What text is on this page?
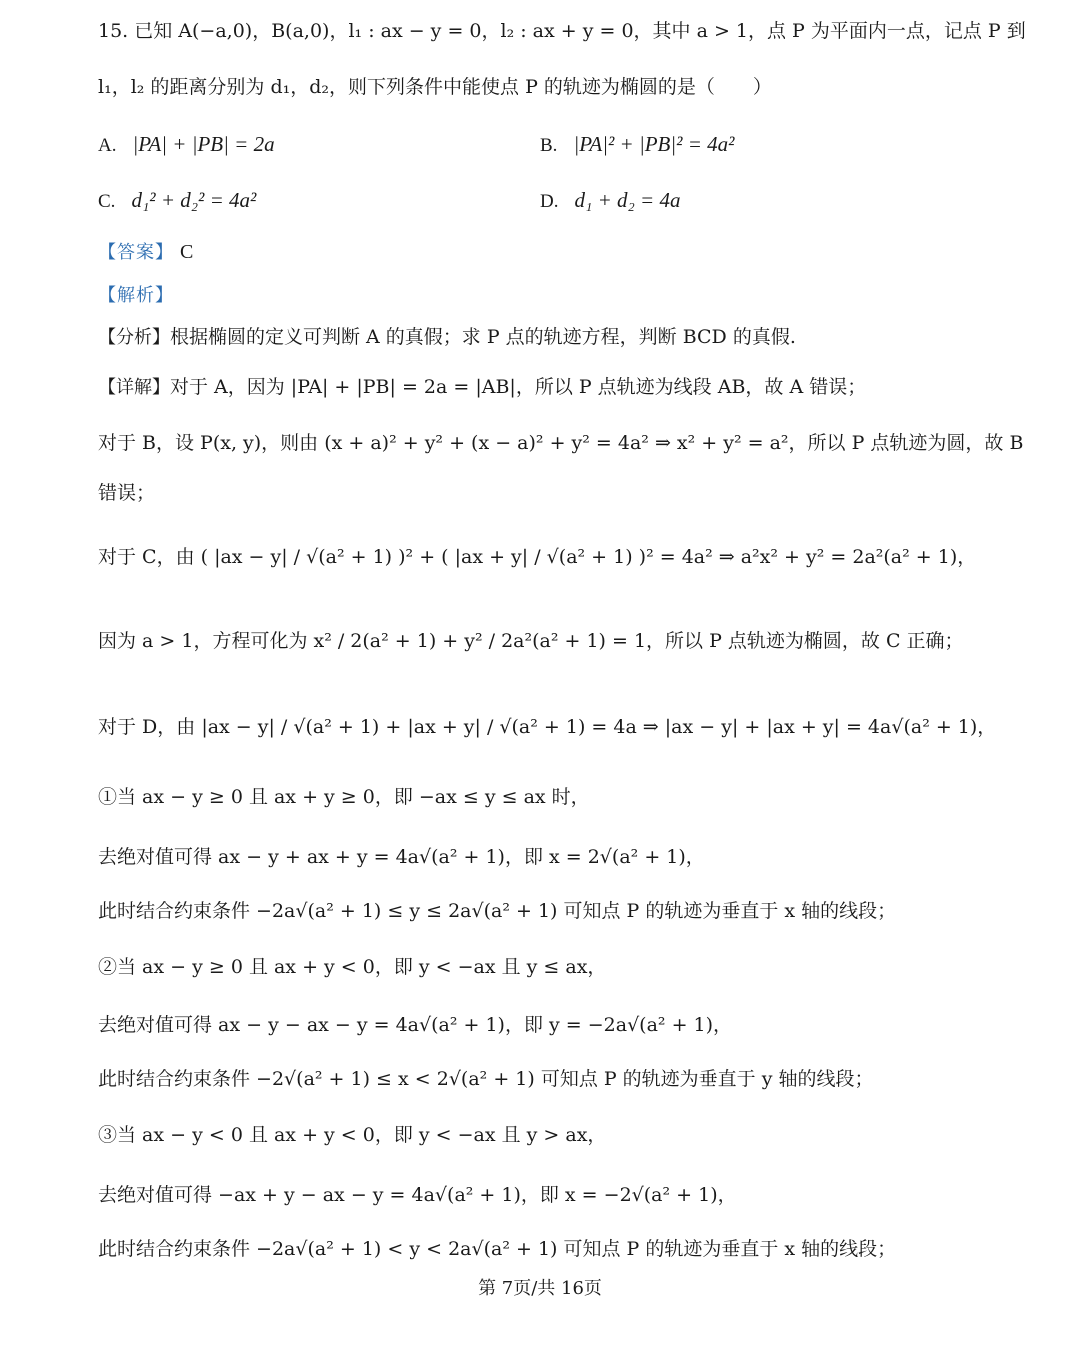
15. 已知 A(−a,0)，B(a,0)，l₁ : ax − y = 0，l₂ : ax + y = 0，其中 a > 1，点 P 为平面内一点，记点 P 到
l₁，l₂ 的距离分别为 d₁，d₂，则下列条件中能使点 P 的轨迹为椭圆的是（　　）
A. |PA| + |PB| = 2a	B. |PA|² + |PB|² = 4a²
C. d₁² + d₂² = 4a²	D. d₁ + d₂ = 4a
【答案】 C
【解析】
【分析】根据椭圆的定义可判断 A 的真假；求 P 点的轨迹方程，判断 BCD 的真假.
【详解】对于 A，因为 |PA| + |PB| = 2a = |AB|，所以 P 点轨迹为线段 AB，故 A 错误；
对于 B，设 P(x, y)，则由 (x + a)² + y² + (x − a)² + y² = 4a² ⇒ x² + y² = a²，所以 P 点轨迹为圆，故 B
错误；
对于 C，由 ( |ax − y| / √(a² + 1) )² + ( |ax + y| / √(a² + 1) )² = 4a² ⇒ a²x² + y² = 2a²(a² + 1)，
因为 a > 1，方程可化为 x² / 2(a² + 1) + y² / 2a²(a² + 1) = 1，所以 P 点轨迹为椭圆，故 C 正确；
对于 D，由 |ax − y| / √(a² + 1) + |ax + y| / √(a² + 1) = 4a ⇒ |ax − y| + |ax + y| = 4a√(a² + 1)，
①当 ax − y ≥ 0 且 ax + y ≥ 0，即 −ax ≤ y ≤ ax 时，
去绝对值可得 ax − y + ax + y = 4a√(a² + 1)，即 x = 2√(a² + 1)，
此时结合约束条件 −2a√(a² + 1) ≤ y ≤ 2a√(a² + 1) 可知点 P 的轨迹为垂直于 x 轴的线段；
②当 ax − y ≥ 0 且 ax + y < 0，即 y < −ax 且 y ≤ ax，
去绝对值可得 ax − y − ax − y = 4a√(a² + 1)，即 y = −2a√(a² + 1)，
此时结合约束条件 −2√(a² + 1) ≤ x < 2√(a² + 1) 可知点 P 的轨迹为垂直于 y 轴的线段；
③当 ax − y < 0 且 ax + y < 0，即 y < −ax 且 y > ax，
去绝对值可得 −ax + y − ax − y = 4a√(a² + 1)，即 x = −2√(a² + 1)，
此时结合约束条件 −2a√(a² + 1) < y < 2a√(a² + 1) 可知点 P 的轨迹为垂直于 x 轴的线段；
第 7页/共 16页
